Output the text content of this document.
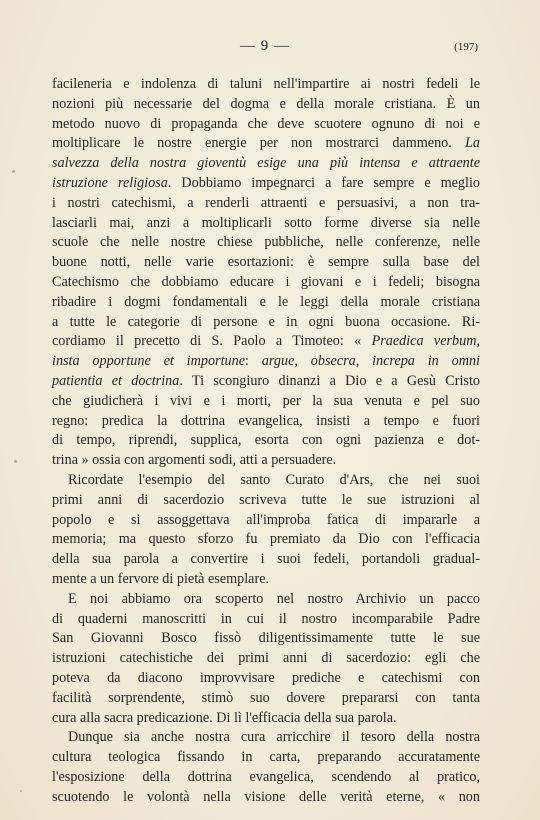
— 9 —	(197)

facileneria e indolenza di taluni nell'impartire ai nostri fedeli le
nozioni più necessarie del dogma e della morale cristiana. È un
metodo nuovo di propaganda che deve scuotere ognuno di noi e
moltiplicare le nostre energie per non mostrarci dammeno. La
salvezza della nostra gioventù esige una più intensa e attraente
istruzione religiosa. Dobbiamo impegnarci a fare sempre e meglio
i nostri catechismi, a renderli attraenti e persuasivi, a non tra-
lasciarli mai, anzi a moltiplicarli sotto forme diverse sia nelle
scuole che nelle nostre chiese pubbliche, nelle conferenze, nelle
buone notti, nelle varie esortazioni: è sempre sulla base del
Catechismo che dobbiamo educare i giovani e i fedeli; bisogna
ribadire i dogmi fondamentali e le leggi della morale cristiana
a tutte le categorie di persone e in ogni buona occasione. Ri-
cordiamo il precetto di S. Paolo a Timoteo: « Praedica verbum,
insta opportune et importune: argue, obsecra, increpa in omni
patientia et doctrina. Ti scongiuro dinanzi a Dio e a Gesù Cristo
che giudicherà i vivi e i morti, per la sua venuta e pel suo
regno: predica la dottrina evangelica, insisti a tempo e fuori
di tempo, riprendi, supplica, esorta con ogni pazienza e dot-
trina » ossia con argomenti sodi, atti a persuadere.

Ricordate l'esempio del santo Curato d'Ars, che nei suoi
primi anni di sacerdozio scriveva tutte le sue istruzioni al
popolo e si assoggettava all'improba fatica di impararle a
memoria; ma questo sforzo fu premiato da Dio con l'efficacia
della sua parola a convertire i suoi fedeli, portandoli gradual-
mente a un fervore di pietà esemplare.

E noi abbiamo ora scoperto nel nostro Archivio un pacco
di quaderni manoscritti in cui il nostro incomparabile Padre
San Giovanni Bosco fissò diligentissimamente tutte le sue
istruzioni catechistiche dei primi anni di sacerdozio: egli che
poteva da diacono improvvisare prediche e catechismi con
facilità sorprendente, stimò suo dovere prepararsi con tanta
cura alla sacra predicazione. Di lì l'efficacia della sua parola.

Dunque sia anche nostra cura arricchire il tesoro della nostra
cultura teologica fissando in carta, preparando accuratamente
l'esposizione della dottrina evangelica, scendendo al pratico,
scuotendo le volontà nella visione delle verità eterne, « non
